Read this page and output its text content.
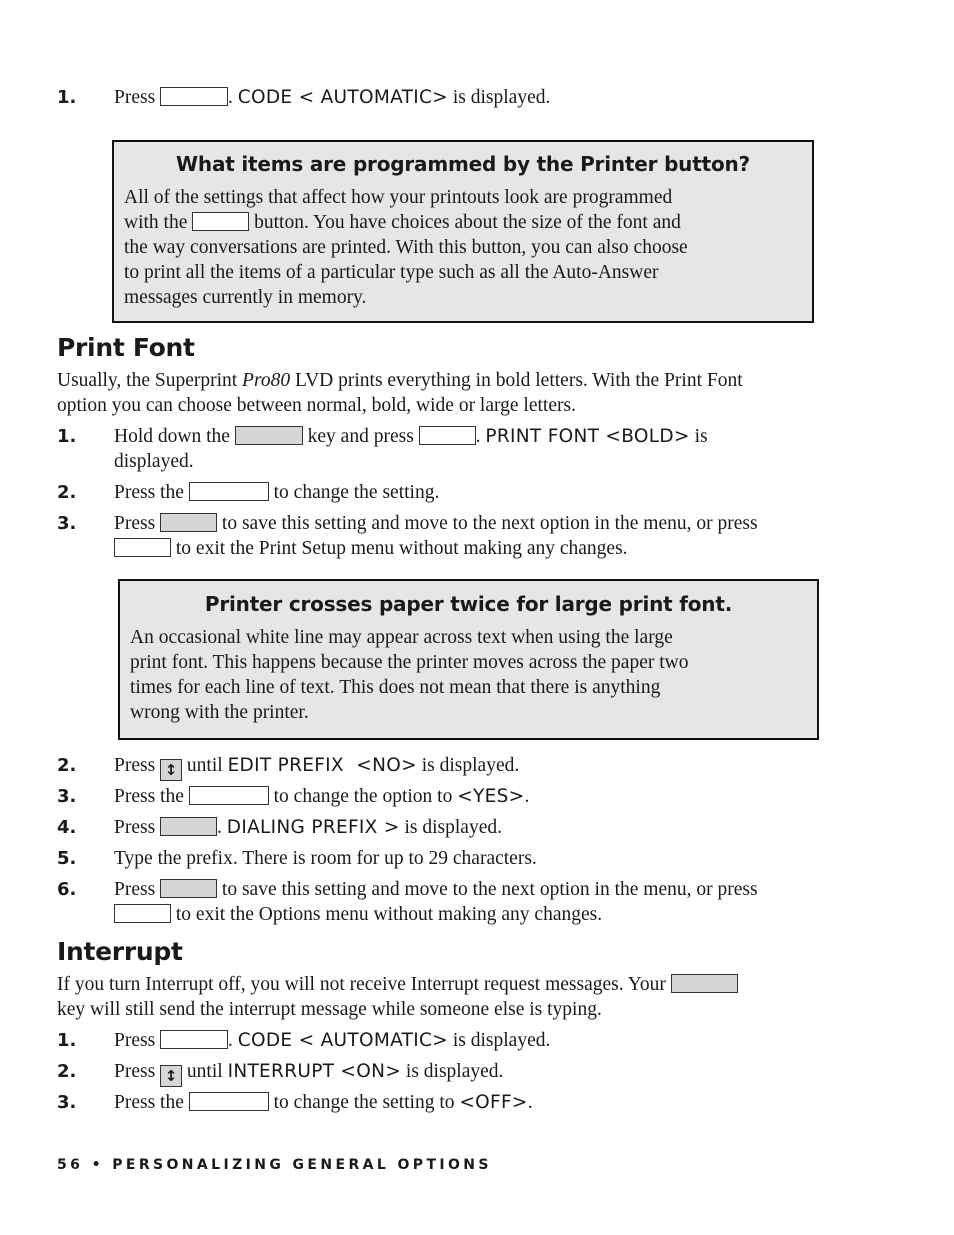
1. Press	. CODE < AUTOMATIC> is displayed.
What items are programmed by the Printer button?
All of the settings that affect how your printouts look are programmed
with the	button. You have choices about the size of the font and
the way conversations are printed. With this button, you can also choose
to print all the items of a particular type such as all the Auto-Answer
messages currently in memory.
Print Font
Usually, the Superprint Pro80 LVD prints everything in bold letters. With the Print Font
option you can choose between normal, bold, wide or large letters.
1. Hold down the	key and press	. PRINT FONT <BOLD> is
displayed.
2. Press the	to change the setting.
3. Press	to save this setting and move to the next option in the menu, or press
to exit the Print Setup menu without making any changes.
Printer crosses paper twice for large print font.
An occasional white line may appear across text when using the large
print font. This happens because the printer moves across the paper two
times for each line of text. This does not mean that there is anything
wrong with the printer.
2. Press ↕ until EDIT PREFIX  <NO> is displayed.
3. Press the	to change the option to <YES>.
4. Press	. DIALING PREFIX > is displayed.
5. Type the prefix. There is room for up to 29 characters.
6. Press	to save this setting and move to the next option in the menu, or press
to exit the Options menu without making any changes.
Interrupt
If you turn Interrupt off, you will not receive Interrupt request messages. Your
key will still send the interrupt message while someone else is typing.
1. Press	. CODE < AUTOMATIC> is displayed.
2. Press ↕ until INTERRUPT <ON> is displayed.
3. Press the	to change the setting to <OFF>.
56 • PERSONALIZING GENERAL OPTIONS
